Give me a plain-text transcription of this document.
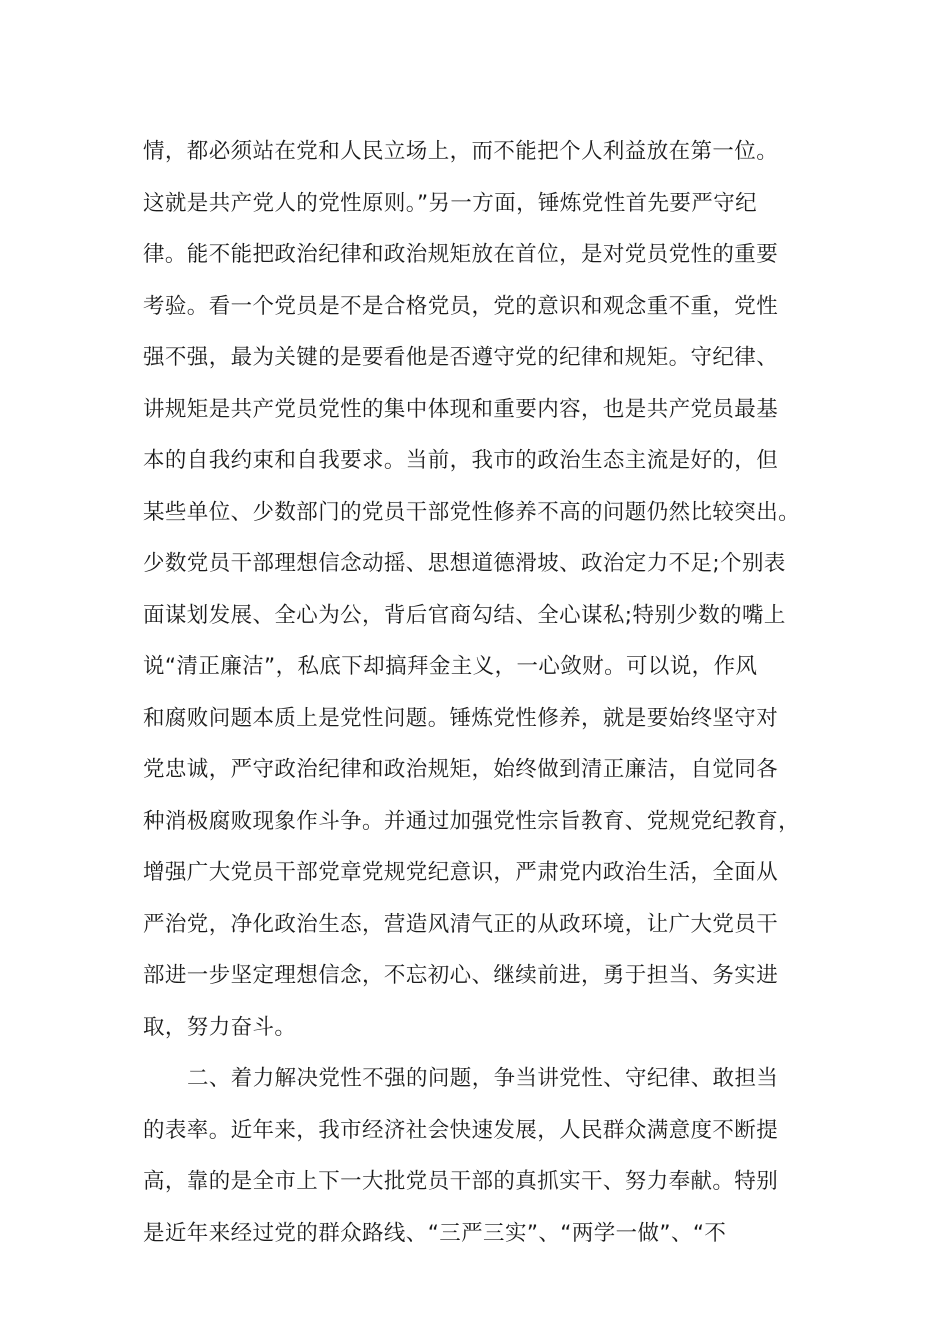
情，都必须站在党和人民立场上，而不能把个人利益放在第一位。
这就是共产党人的党性原则。”另一方面，锤炼党性首先要严守纪
律。能不能把政治纪律和政治规矩放在首位，是对党员党性的重要
考验。看一个党员是不是合格党员，党的意识和观念重不重，党性
强不强，最为关键的是要看他是否遵守党的纪律和规矩。守纪律、
讲规矩是共产党员党性的集中体现和重要内容，也是共产党员最基
本的自我约束和自我要求。当前，我市的政治生态主流是好的，但
某些单位、少数部门的党员干部党性修养不高的问题仍然比较突出。
少数党员干部理想信念动摇、思想道德滑坡、政治定力不足;个别表
面谋划发展、全心为公，背后官商勾结、全心谋私;特别少数的嘴上
说“清正廉洁”，私底下却搞拜金主义，一心敛财。可以说，作风
和腐败问题本质上是党性问题。锤炼党性修养，就是要始终坚守对
党忠诚，严守政治纪律和政治规矩，始终做到清正廉洁，自觉同各
种消极腐败现象作斗争。并通过加强党性宗旨教育、党规党纪教育，
增强广大党员干部党章党规党纪意识，严肃党内政治生活，全面从
严治党，净化政治生态，营造风清气正的从政环境，让广大党员干
部进一步坚定理想信念，不忘初心、继续前进，勇于担当、务实进
取，努力奋斗。
二、着力解决党性不强的问题，争当讲党性、守纪律、敢担当
的表率。近年来，我市经济社会快速发展，人民群众满意度不断提
高，靠的是全市上下一大批党员干部的真抓实干、努力奉献。特别
是近年来经过党的群众路线、“三严三实”、“两学一做”、“不
